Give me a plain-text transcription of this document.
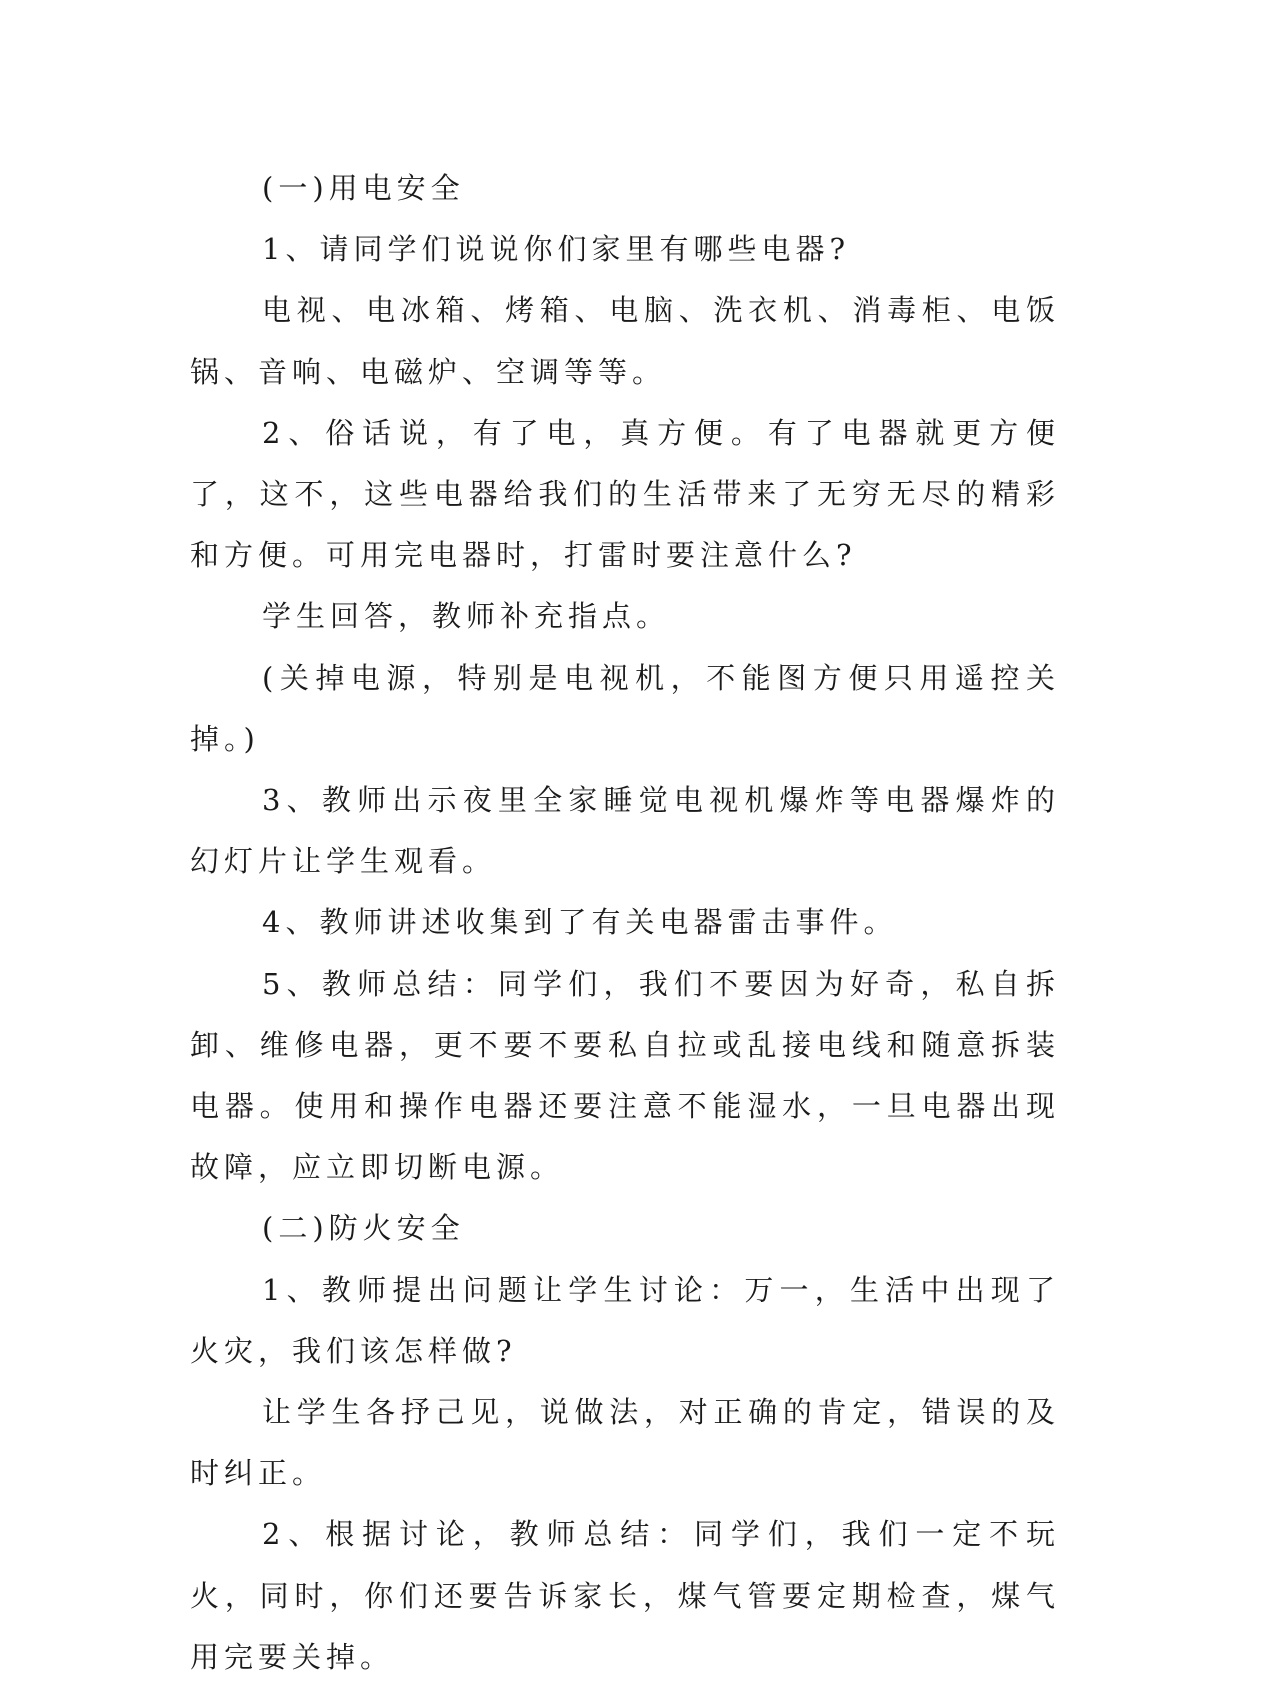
(一)用电安全

1、请同学们说说你们家里有哪些电器?

电视、电冰箱、烤箱、电脑、洗衣机、消毒柜、电饭锅、音响、电磁炉、空调等等。

2、俗话说，有了电，真方便。有了电器就更方便了，这不，这些电器给我们的生活带来了无穷无尽的精彩和方便。可用完电器时，打雷时要注意什么?

学生回答，教师补充指点。

(关掉电源，特别是电视机，不能图方便只用遥控关掉。)

3、教师出示夜里全家睡觉电视机爆炸等电器爆炸的幻灯片让学生观看。

4、教师讲述收集到了有关电器雷击事件。

5、教师总结：同学们，我们不要因为好奇，私自拆卸、维修电器，更不要不要私自拉或乱接电线和随意拆装电器。使用和操作电器还要注意不能湿水，一旦电器出现故障，应立即切断电源。

(二)防火安全

1、教师提出问题让学生讨论：万一，生活中出现了火灾，我们该怎样做?

让学生各抒己见，说做法，对正确的肯定，错误的及时纠正。

2、根据讨论，教师总结：同学们，我们一定不玩火，同时，你们还要告诉家长，煤气管要定期检查，煤气用完要关掉。
